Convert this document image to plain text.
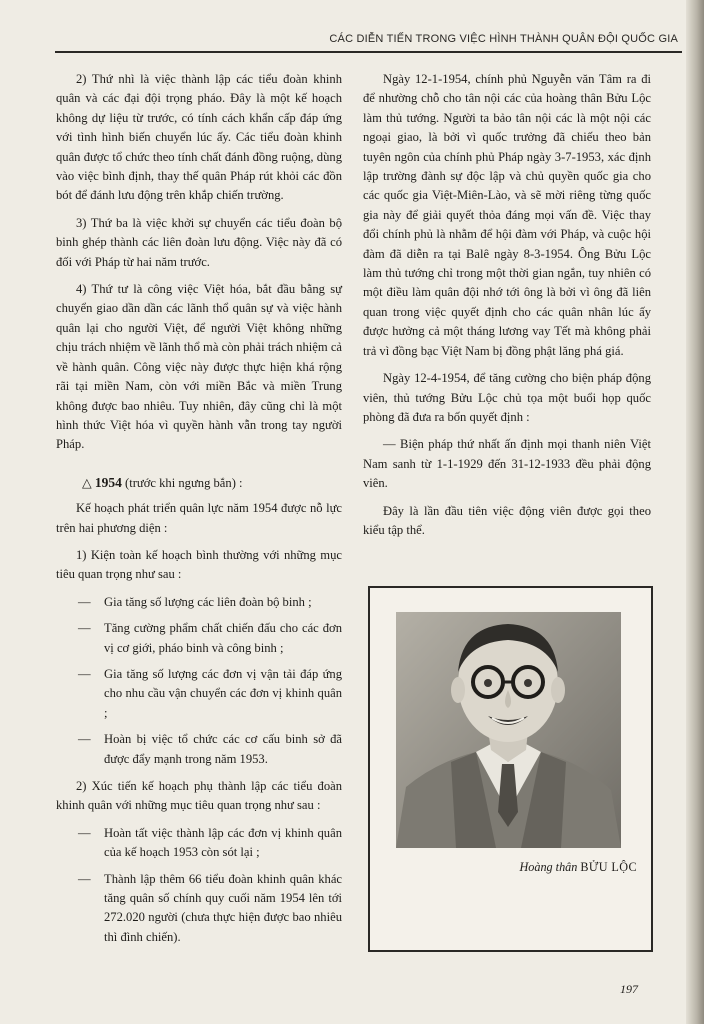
CÁC DIỄN TIẾN TRONG VIỆC HÌNH THÀNH QUÂN ĐỘI QUỐC GIA

2) Thứ nhì là việc thành lập các tiểu đoàn khinh quân và các đại đội trọng pháo. Đây là một kế hoạch không dự liệu từ trước, có tính cách khẩn cấp đáp ứng với tình hình biến chuyển lúc ấy. Các tiểu đoàn khinh quân được tổ chức theo tính chất đánh đồng ruộng, dùng vào việc bình định, thay thế quân Pháp rút khỏi các đồn bót để đánh lưu động trên khắp chiến trường.

3) Thứ ba là việc khởi sự chuyển các tiểu đoàn bộ binh ghép thành các liên đoàn lưu động. Việc này đã có đối với Pháp từ hai năm trước.

4) Thứ tư là công việc Việt hóa, bắt đầu bằng sự chuyển giao dần dần các lãnh thổ quân sự và việc hành quân lại cho người Việt, để người Việt không những chịu trách nhiệm về lãnh thổ mà còn phải trách nhiệm cả về hành quân. Công việc này được thực hiện khá rộng rãi tại miền Nam, còn với miền Bắc và miền Trung không được bao nhiêu. Tuy nhiên, đây cũng chỉ là một hình thức Việt hóa vì quyền hành vẫn trong tay người Pháp.

△ 1954 (trước khi ngưng bắn) :

Kế hoạch phát triển quân lực năm 1954 được nỗ lực trên hai phương diện :

1) Kiện toàn kế hoạch bình thường với những mục tiêu quan trọng như sau :

— Gia tăng số lượng các liên đoàn bộ binh ;
— Tăng cường phẩm chất chiến đấu cho các đơn vị cơ giới, pháo binh và công binh ;
— Gia tăng số lượng các đơn vị vận tải đáp ứng cho nhu cầu vận chuyển các đơn vị khinh quân ;
— Hoàn bị việc tổ chức các cơ cấu binh sở đã được đẩy mạnh trong năm 1953.

2) Xúc tiến kế hoạch phụ thành lập các tiểu đoàn khinh quân với những mục tiêu quan trọng như sau :

— Hoàn tất việc thành lập các đơn vị khinh quân của kế hoạch 1953 còn sót lại ;
— Thành lập thêm 66 tiểu đoàn khinh quân khác tăng quân số chính quy cuối năm 1954 lên tới 272.020 người (chưa thực hiện được bao nhiêu thì đình chiến).

Ngày 12-1-1954, chính phủ Nguyễn văn Tâm ra đi để nhường chỗ cho tân nội các của hoàng thân Bửu Lộc làm thủ tướng. Người ta bảo tân nội các là một nội các ngoại giao, là bởi vì quốc trưởng đã chiếu theo bản tuyên ngôn của chính phủ Pháp ngày 3-7-1953, xác định lập trường đành sự độc lập và chủ quyền quốc gia cho các quốc gia Việt-Miên-Lào, và sẽ mời riêng từng quốc gia này để giải quyết thỏa đáng mọi vấn đề. Việc thay đổi chính phủ là nhằm để hội đàm với Pháp, và cuộc hội đàm đã diễn ra tại Balê ngày 8-3-1954. Ông Bửu Lộc làm thủ tướng chỉ trong một thời gian ngắn, tuy nhiên có một điều làm quân đội nhớ tới ông là bởi vì ông đã liên quan trong việc quyết định cho các quân nhân lúc ấy được hưởng cả một tháng lương vay Tết mà không phải trả vì đồng bạc Việt Nam bị đồng phật lăng phá giá.

Ngày 12-4-1954, để tăng cường cho biện pháp động viên, thủ tướng Bửu Lộc chủ tọa một buổi họp quốc phòng đã đưa ra bốn quyết định :

— Biện pháp thứ nhất ấn định mọi thanh niên Việt Nam sanh từ 1-1-1929 đến 31-12-1933 đều phải động viên.

Đây là lần đầu tiên việc động viên được gọi theo kiểu tập thể.

Hoàng thân BỬU LỘC
197
